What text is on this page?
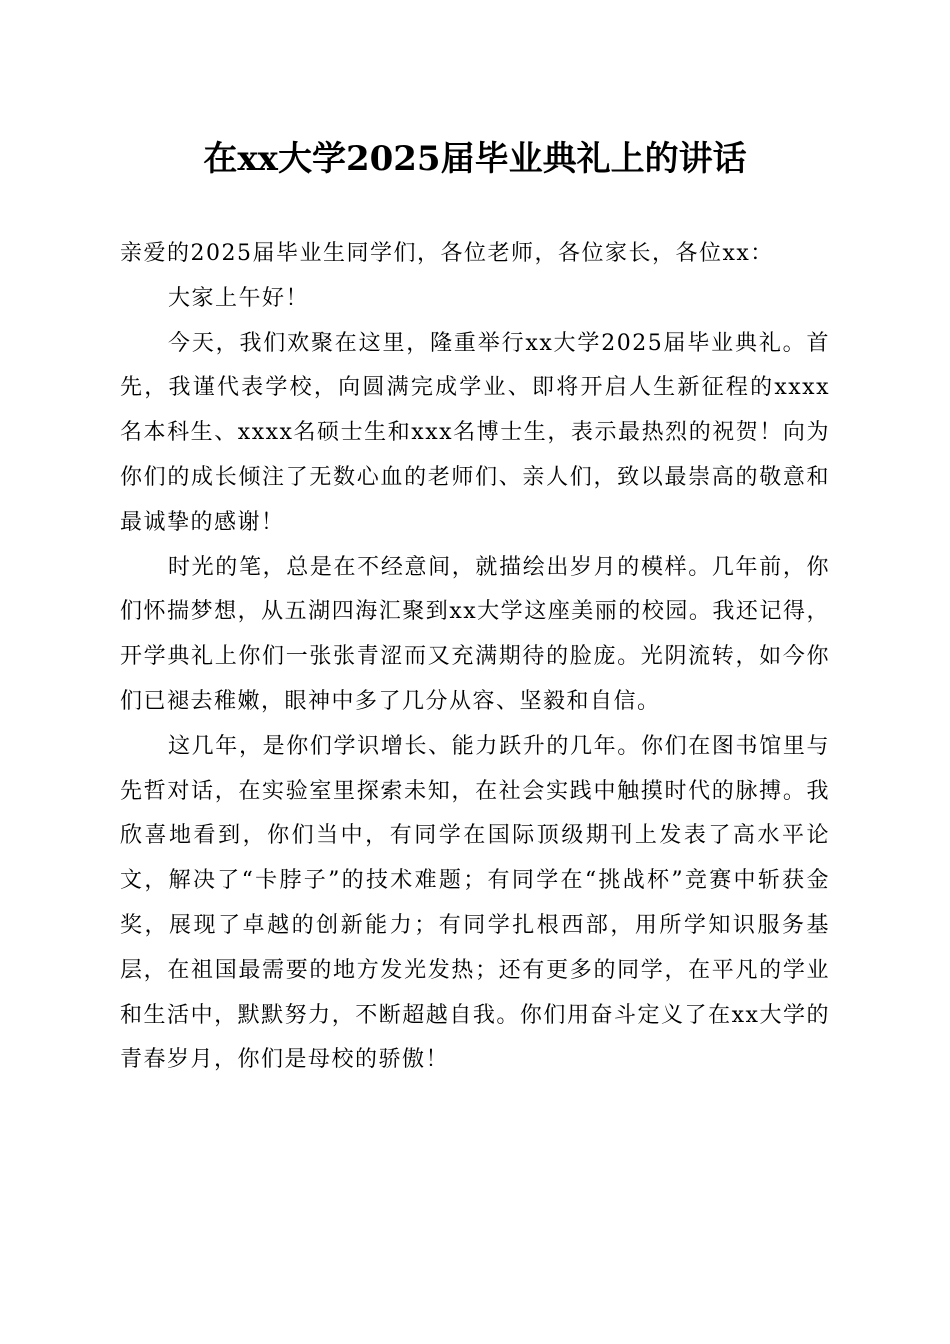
在xx大学2025届毕业典礼上的讲话

亲爱的2025届毕业生同学们，各位老师，各位家长，各位xx：

大家上午好！

今天，我们欢聚在这里，隆重举行xx大学2025届毕业典礼。首先，我谨代表学校，向圆满完成学业、即将开启人生新征程的xxxx名本科生、xxxx名硕士生和xxx名博士生，表示最热烈的祝贺！向为你们的成长倾注了无数心血的老师们、亲人们，致以最崇高的敬意和最诚挚的感谢！

时光的笔，总是在不经意间，就描绘出岁月的模样。几年前，你们怀揣梦想，从五湖四海汇聚到xx大学这座美丽的校园。我还记得，开学典礼上你们一张张青涩而又充满期待的脸庞。光阴流转，如今你们已褪去稚嫩，眼神中多了几分从容、坚毅和自信。

这几年，是你们学识增长、能力跃升的几年。你们在图书馆里与先哲对话，在实验室里探索未知，在社会实践中触摸时代的脉搏。我欣喜地看到，你们当中，有同学在国际顶级期刊上发表了高水平论文，解决了“卡脖子”的技术难题；有同学在“挑战杯”竞赛中斩获金奖，展现了卓越的创新能力；有同学扎根西部，用所学知识服务基层，在祖国最需要的地方发光发热；还有更多的同学，在平凡的学业和生活中，默默努力，不断超越自我。你们用奋斗定义了在xx大学的青春岁月，你们是母校的骄傲！
